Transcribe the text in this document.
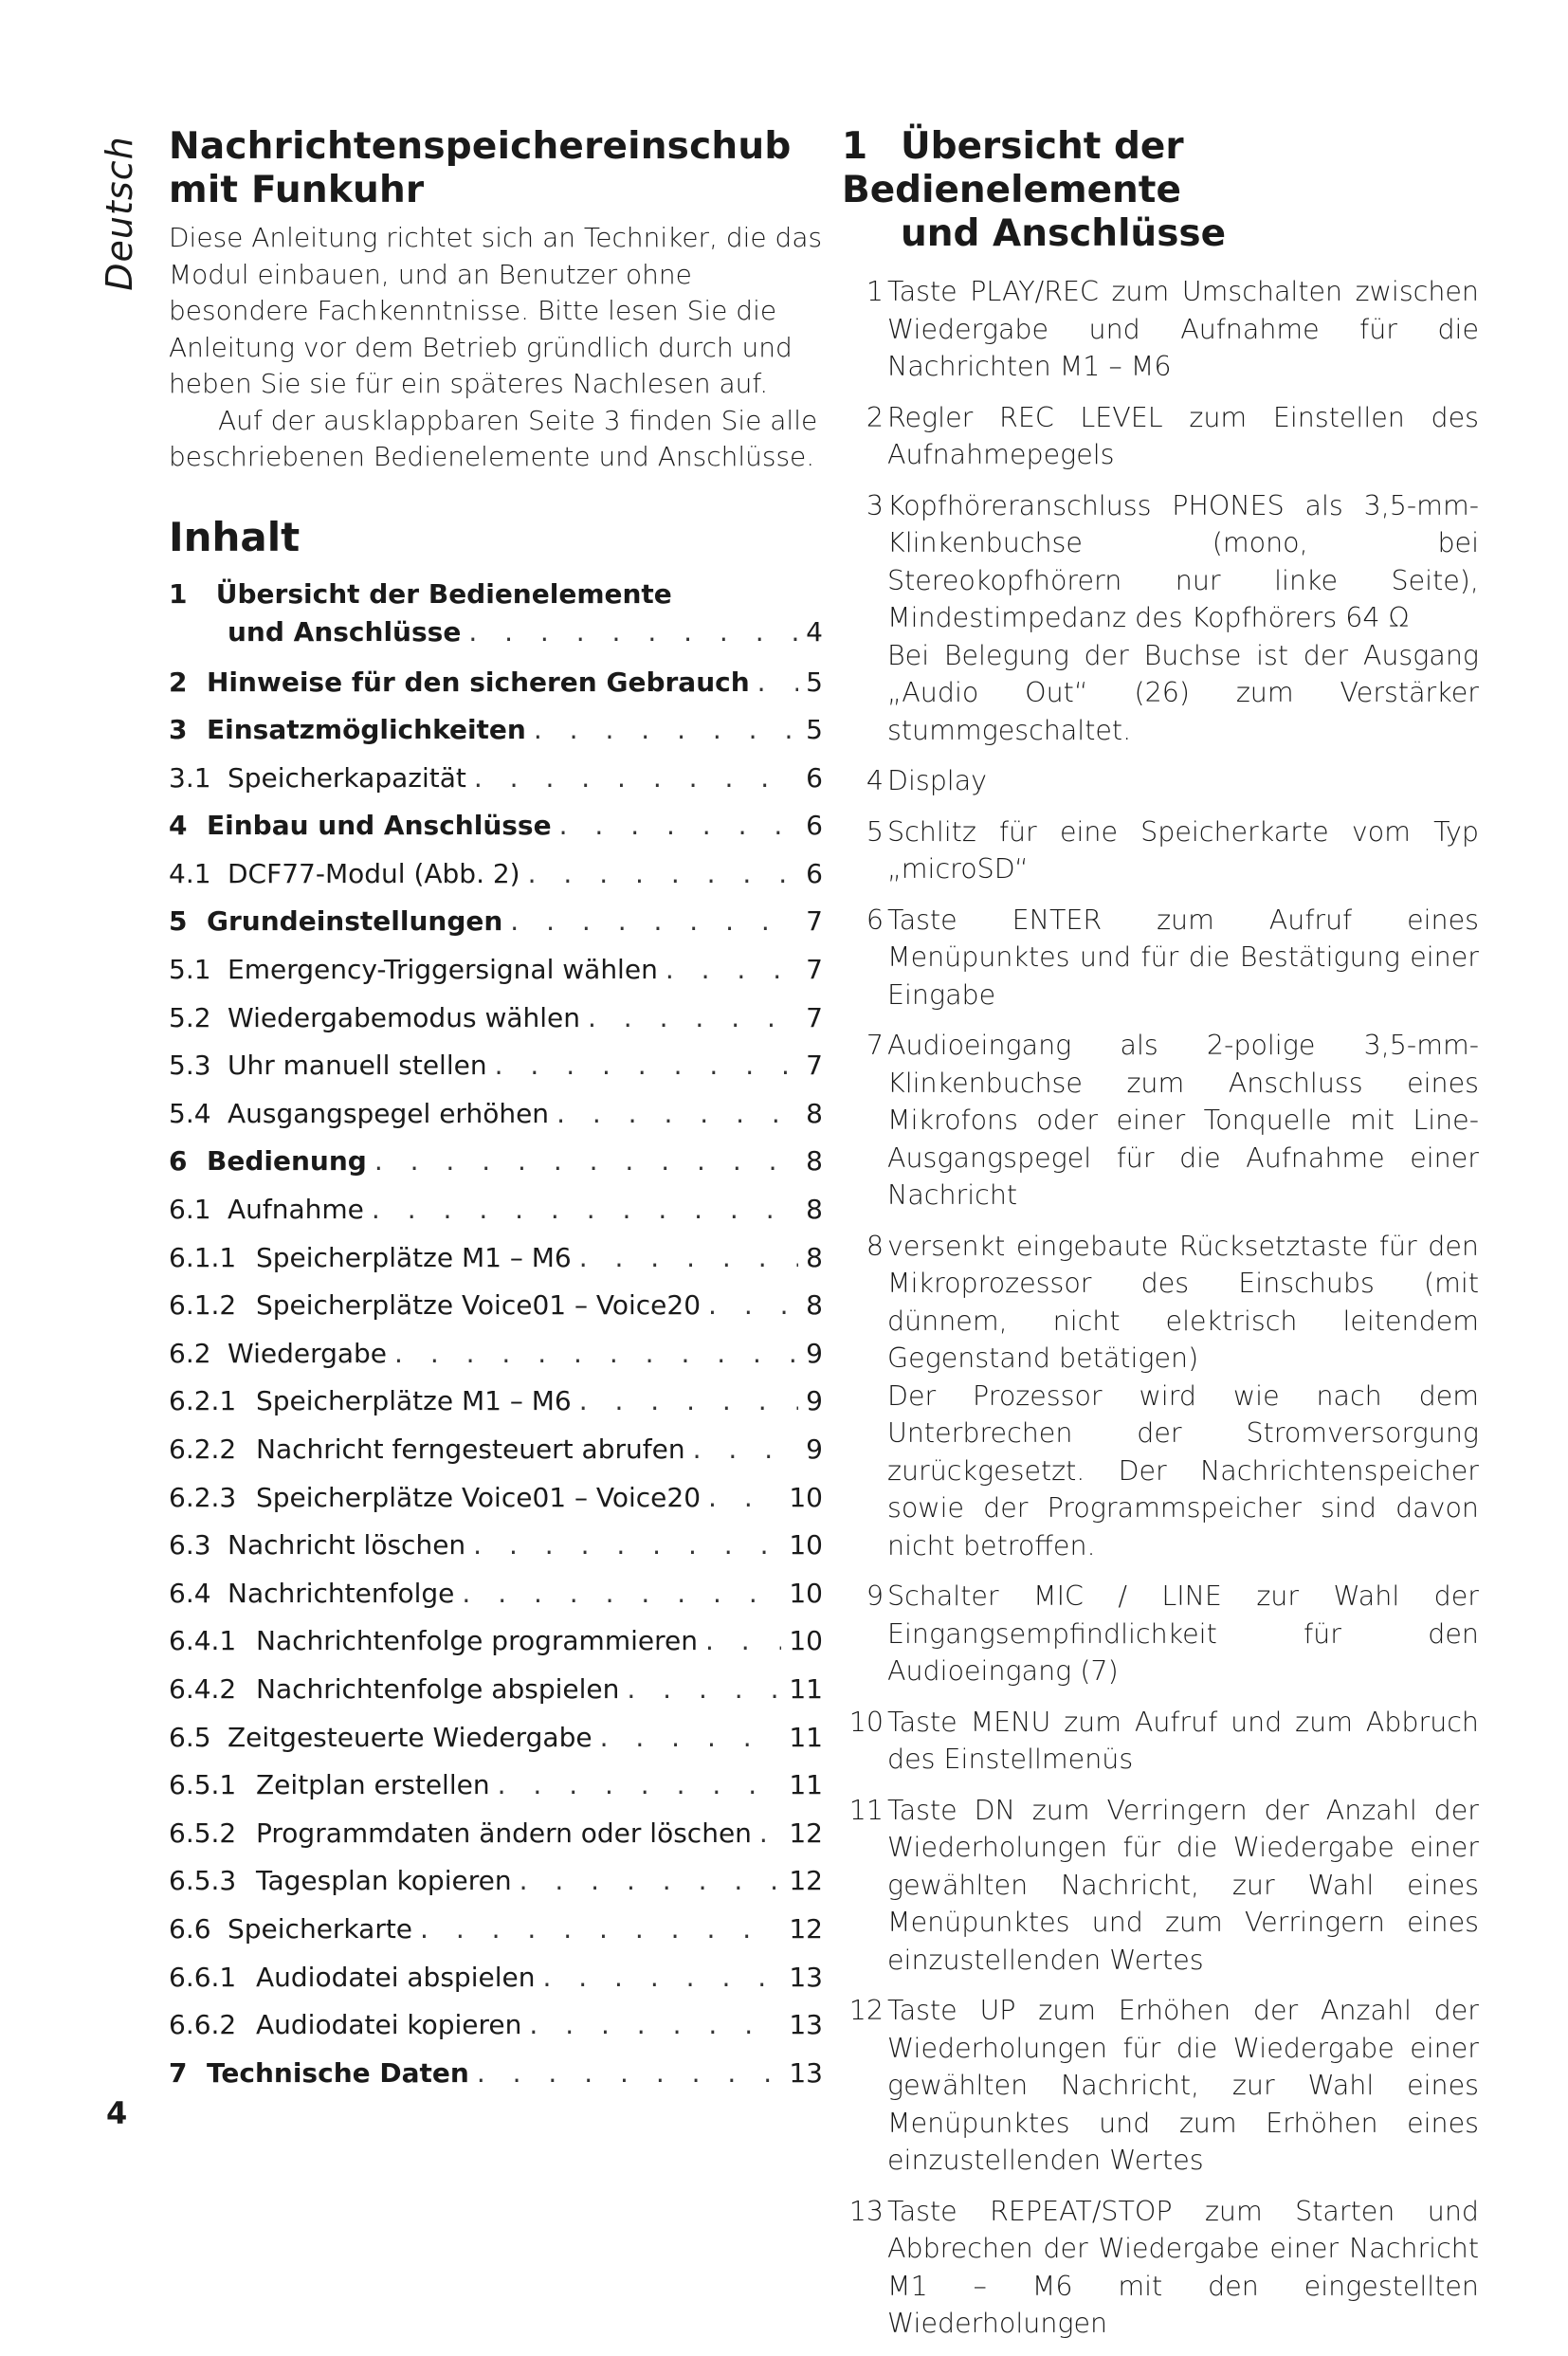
Deutsch Nachrichtenspeichereinschub
mit Funkuhr

Diese Anleitung richtet sich an Techniker, die das Modul einbauen, und an Benutzer ohne besondere Fachkenntnisse. Bitte lesen Sie die Anleitung vor dem Betrieb gründlich durch und heben Sie sie für ein späteres Nachlesen auf.

Auf der ausklappbaren Seite 3 finden Sie alle beschriebenen Bedienelemente und Anschlüsse.

Inhalt
1 Übersicht der Bedienelemente
und Anschlüsse . . .	4
2 Hinweise für den sicheren Gebrauch . . . 5
3 Einsatzmöglichkeiten . . .	5
3.1 Speicherkapazität . . .	6
4 Einbau und Anschlüsse . . .	6
4.1 DCF77-Modul (Abb. 2) . . .	6
5 Grundeinstellungen . . .	7
5.1 Emergency-Triggersignal wählen . . .	7
5.2 Wiedergabemodus wählen . . .	7
5.3 Uhr manuell stellen . . .	7
5.4 Ausgangspegel erhöhen . . .	8
6 Bedienung . . .	8
6.1 Aufnahme . . .	8
6.1.1 Speicherplätze M1 – M6 . . .	8
6.1.2 Speicherplätze Voice01 – Voice20 . . .	8
6.2 Wiedergabe . . .	9
6.2.1 Speicherplätze M1 – M6 . . .	9
6.2.2 Nachricht ferngesteuert abrufen . . .	9
6.2.3 Speicherplätze Voice01 – Voice20 . . .	10
6.3 Nachricht löschen . . .	10
6.4 Nachrichtenfolge . . .	10
6.4.1 Nachrichtenfolge programmieren . . .	10
6.4.2 Nachrichtenfolge abspielen . . .	11
6.5 Zeitgesteuerte Wiedergabe . . .	11
6.5.1 Zeitplan erstellen . . .	11
6.5.2 Programmdaten ändern oder löschen . . . 12
6.5.3 Tagesplan kopieren . . .	12
6.6 Speicherkarte . . .	12
6.6.1 Audiodatei abspielen . . .	13
6.6.2 Audiodatei kopieren . . .	13
7 Technische Daten . . .	13
1 Übersicht der Bedienelemente
und Anschlüsse
1 Taste PLAY/REC zum Umschalten zwischen Wiedergabe und Aufnahme für die Nachrichten M1 – M6
2 Regler REC LEVEL zum Einstellen des Aufnahmepegels
3 Kopfhöreranschluss PHONES als 3,5-mm-Klinkenbuchse (mono, bei Stereokopfhörern nur linke Seite), Mindestimpedanz des Kopfhörers 64 Ω
Bei Belegung der Buchse ist der Ausgang „Audio Out“ (26) zum Verstärker stummgeschaltet.
4 Display
5 Schlitz für eine Speicherkarte vom Typ „microSD“
6 Taste ENTER zum Aufruf eines Menüpunktes und für die Bestätigung einer Eingabe
7 Audioeingang als 2-polige 3,5-mm-Klinkenbuchse zum Anschluss eines Mikrofons oder einer Tonquelle mit Line-Ausgangspegel für die Aufnahme einer Nachricht
8 versenkt eingebaute Rücksetztaste für den Mikroprozessor des Einschubs (mit dünnem, nicht elektrisch leitendem Gegenstand betätigen)
Der Prozessor wird wie nach dem Unterbrechen der Stromversorgung zurückgesetzt. Der Nachrichtenspeicher sowie der Programmspeicher sind davon nicht betroffen.
9 Schalter MIC / LINE zur Wahl der Eingangsempfindlichkeit für den Audioeingang (7)
10 Taste MENU zum Aufruf und zum Abbruch des Einstellmenüs
11 Taste DN zum Verringern der Anzahl der Wiederholungen für die Wiedergabe einer gewählten Nachricht, zur Wahl eines Menüpunktes und zum Verringern eines einzustellenden Wertes
12 Taste UP zum Erhöhen der Anzahl der Wiederholungen für die Wiedergabe einer gewählten Nachricht, zur Wahl eines Menüpunktes und zum Erhöhen eines einzustellenden Wertes
13 Taste REPEAT/STOP zum Starten und Abbrechen der Wiedergabe einer Nachricht M1 – M6 mit den eingestellten Wiederholungen
4
